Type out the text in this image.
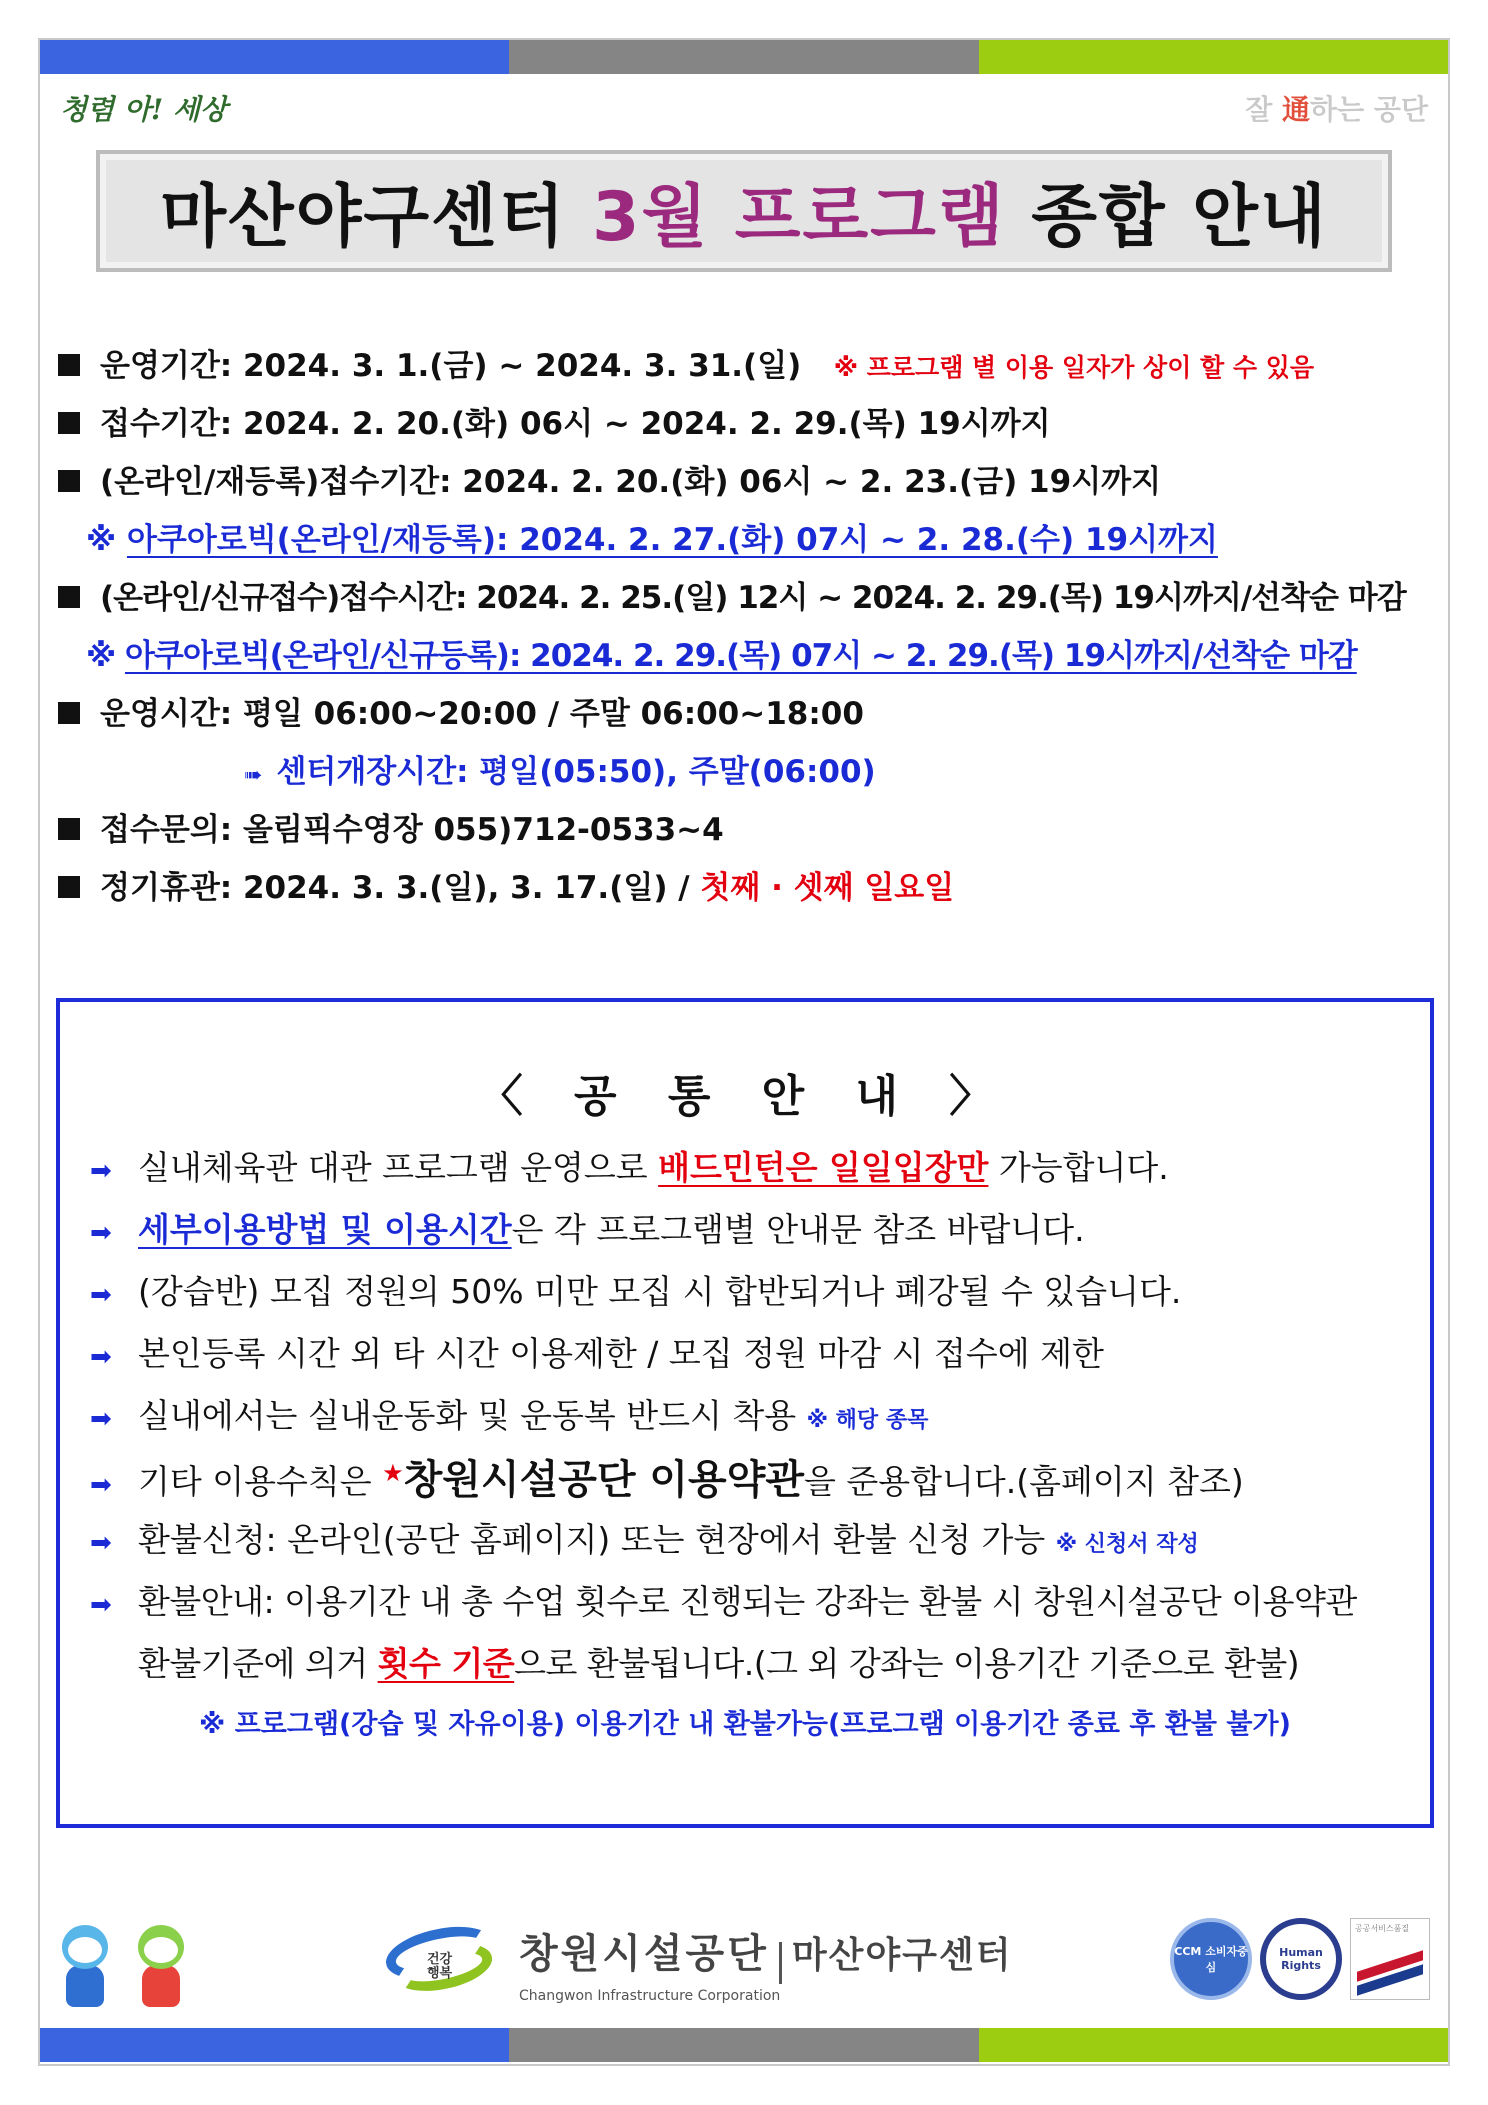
청렴 아! 세상	잘 通하는 공단
마산야구센터 3월 프로그램 종합 안내
운영기간: 2024. 3. 1.(금) ~ 2024. 3. 31.(일) ※ 프로그램 별 이용 일자가 상이 할 수 있음
접수기간: 2024. 2. 20.(화) 06시 ~ 2024. 2. 29.(목) 19시까지
(온라인/재등록)접수기간: 2024. 2. 20.(화) 06시 ~ 2. 23.(금) 19시까지
※ 아쿠아로빅(온라인/재등록): 2024. 2. 27.(화) 07시 ~ 2. 28.(수) 19시까지
(온라인/신규접수)접수시간: 2024. 2. 25.(일) 12시 ~ 2024. 2. 29.(목) 19시까지/선착순 마감
※ 아쿠아로빅(온라인/신규등록): 2024. 2. 29.(목) 07시 ~ 2. 29.(목) 19시까지/선착순 마감
운영시간: 평일 06:00~20:00 / 주말 06:00~18:00
➠ 센터개장시간: 평일(05:50), 주말(06:00)
접수문의: 올림픽수영장 055)712-0533~4
정기휴관: 2024. 3. 3.(일), 3. 17.(일) / 첫째 · 셋째 일요일
〈 공 통 안 내 〉
➡ 실내체육관 대관 프로그램 운영으로 배드민턴은 일일입장만 가능합니다.
➡ 세부이용방법 및 이용시간은 각 프로그램별 안내문 참조 바랍니다.
➡ (강습반) 모집 정원의 50% 미만 모집 시 합반되거나 폐강될 수 있습니다.
➡ 본인등록 시간 외 타 시간 이용제한 / 모집 정원 마감 시 접수에 제한
➡ 실내에서는 실내운동화 및 운동복 반드시 착용 ※ 해당 종목
➡ 기타 이용수칙은 ★창원시설공단 이용약관을 준용합니다.(홈페이지 참조)
➡ 환불신청: 온라인(공단 홈페이지) 또는 현장에서 환불 신청 가능 ※ 신청서 작성
➡ 환불안내: 이용기간 내 총 수업 횟수로 진행되는 강좌는 환불 시 창원시설공단 이용약관
환불기준에 의거 횟수 기준으로 환불됩니다.(그 외 강좌는 이용기간 기준으로 환불)
※ 프로그램(강습 및 자유이용) 이용기간 내 환불가능(프로그램 이용기간 종료 후 환불 불가)
건강
행복 창원시설공단 마산야구센터
Changwon Infrastructure Corporation
CCM 소비자중심
Human Rights
공공서비스품질
